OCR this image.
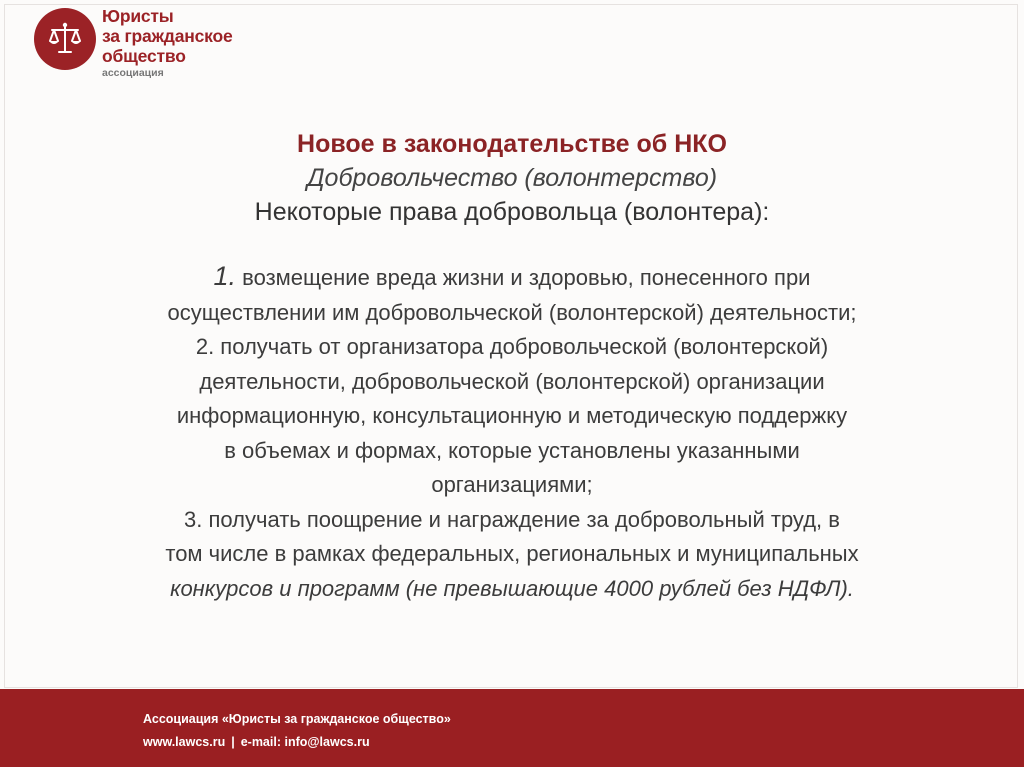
Юристы
за гражданское
общество
ассоциация

Новое в законодательстве об НКО

Добровольчество (волонтерство)

Некоторые права добровольца (волонтера):

1. возмещение вреда жизни и здоровью, понесенного при
осуществлении им добровольческой (волонтерской) деятельности;
2. получать от организатора добровольческой (волонтерской)
деятельности, добровольческой (волонтерской) организации
информационную, консультационную и методическую поддержку
в объемах и формах, которые установлены указанными
организациями;
3. получать поощрение и награждение за добровольный труд, в
том числе в рамках федеральных, региональных и муниципальных
конкурсов и программ (не превышающие 4000 рублей без НДФЛ).
Ассоциация «Юристы за гражданское общество»
www.lawcs.ru | e-mail: info@lawcs.ru
